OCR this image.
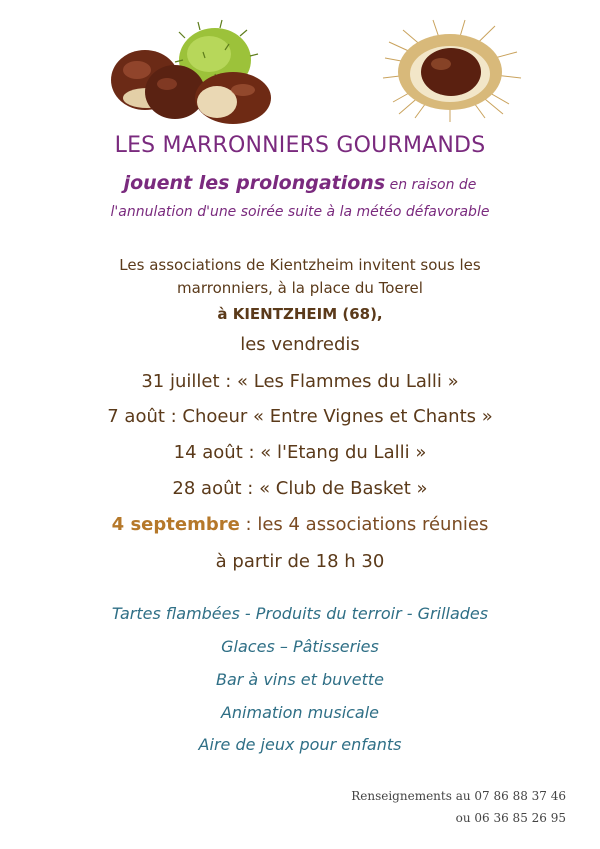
LES MARRONNIERS GOURMANDS
jouent les prolongations en raison de
l'annulation d'une soirée suite à la météo défavorable
Les associations de Kientzheim invitent sous les
marronniers, à la place du Toerel
à KIENTZHEIM (68),
les vendredis
31 juillet : « Les Flammes du Lalli »
7 août : Choeur « Entre Vignes et Chants »
14 août : « l'Etang du Lalli »
28 août : « Club de Basket »
4 septembre : les 4 associations réunies
à partir de 18 h 30
Tartes flambées - Produits du terroir - Grillades
Glaces – Pâtisseries
Bar à vins et buvette
Animation musicale
Aire de jeux pour enfants
Renseignements au 07 86 88 37 46
ou 06 36 85 26 95
